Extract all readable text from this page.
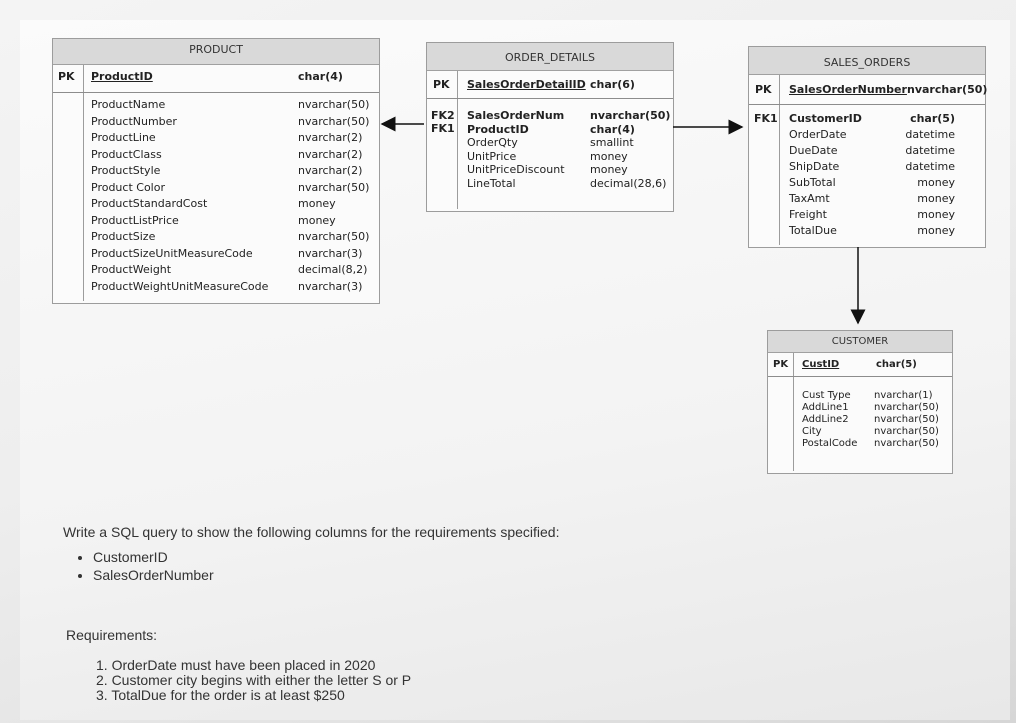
PRODUCT
PK ProductID	char(4)
ProductName
ProductNumber
ProductLine
ProductClass
ProductStyle
Product Color
ProductStandardCost
ProductListPrice
ProductSize
ProductSizeUnitMeasureCode
ProductWeight
ProductWeightUnitMeasureCode
nvarchar(50)
nvarchar(50)
nvarchar(2)
nvarchar(2)
nvarchar(2)
nvarchar(50)
money
money
nvarchar(50)
nvarchar(3)
decimal(8,2)
nvarchar(3)
ORDER_DETAILS
PK SalesOrderDetailID char(6)
FK2
FK1
SalesOrderNum
ProductID
OrderQty
UnitPrice
UnitPriceDiscount
LineTotal
nvarchar(50)
char(4)
smallint
money
money
decimal(28,6)
SALES_ORDERS
PK SalesOrderNumber nvarchar(50)
FK1 CustomerID
OrderDate
DueDate
ShipDate
SubTotal
TaxAmt
Freight
TotalDue
char(5)
datetime
datetime
datetime
money
money
money
money
CUSTOMER
PK CustID	char(5)
Cust Type
AddLine1
AddLine2
City
PostalCode
nvarchar(1)
nvarchar(50)
nvarchar(50)
nvarchar(50)
nvarchar(50)
Write a SQL query to show the following columns for the requirements specified:
• CustomerID
• SalesOrderNumber
Requirements:
1. OrderDate must have been placed in 2020
2. Customer city begins with either the letter S or P
3. TotalDue for the order is at least $250
